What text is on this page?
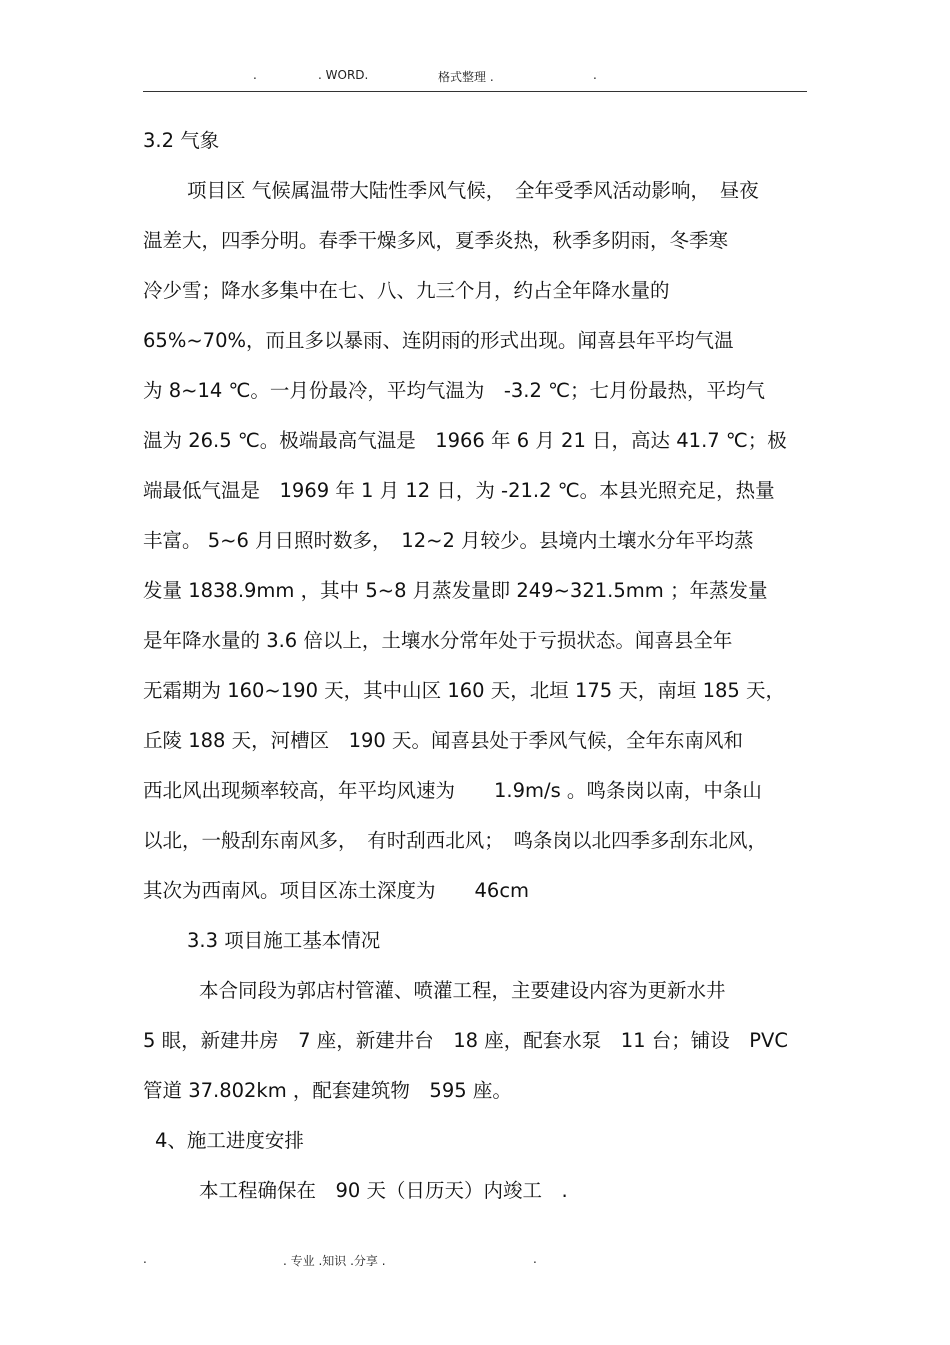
.	. WORD.	格式整理 .	.
3.2 气象
项目区 气候属温带大陆性季风气候，　全年受季风活动影响，　昼夜
温差大，四季分明。春季干燥多风，夏季炎热，秋季多阴雨，冬季寒
冷少雪；降水多集中在七、八、九三个月，约占全年降水量的
65%~70%，而且多以暴雨、连阴雨的形式出现。闻喜县年平均气温
为 8~14 ℃。一月份最冷，平均气温为　-3.2 ℃；七月份最热，平均气
温为 26.5 ℃。极端最高气温是　1966 年 6 月 21 日，高达 41.7 ℃；极
端最低气温是　1969 年 1 月 12 日，为 -21.2 ℃。本县光照充足，热量
丰富。 5~6 月日照时数多，　12~2 月较少。县境内土壤水分年平均蒸
发量 1838.9mm ，其中 5~8 月蒸发量即 249~321.5mm ；年蒸发量
是年降水量的 3.6 倍以上，土壤水分常年处于亏损状态。闻喜县全年
无霜期为 160~190 天，其中山区 160 天，北垣 175 天，南垣 185 天，
丘陵 188 天，河槽区　190 天。闻喜县处于季风气候，全年东南风和
西北风出现频率较高，年平均风速为　　1.9m/s 。鸣条岗以南，中条山
以北，一般刮东南风多，　有时刮西北风；　鸣条岗以北四季多刮东北风，
其次为西南风。项目区冻土深度为　　46cm
3.3 项目施工基本情况
本合同段为郭店村管灌、喷灌工程，主要建设内容为更新水井
5 眼，新建井房　7 座，新建井台　18 座，配套水泵　11 台；铺设　PVC
管道 37.802km ，配套建筑物　595 座。
4、施工进度安排
本工程确保在　90 天（日历天）内竣工　.
.	. 专业 .知识 .分享 .	.
